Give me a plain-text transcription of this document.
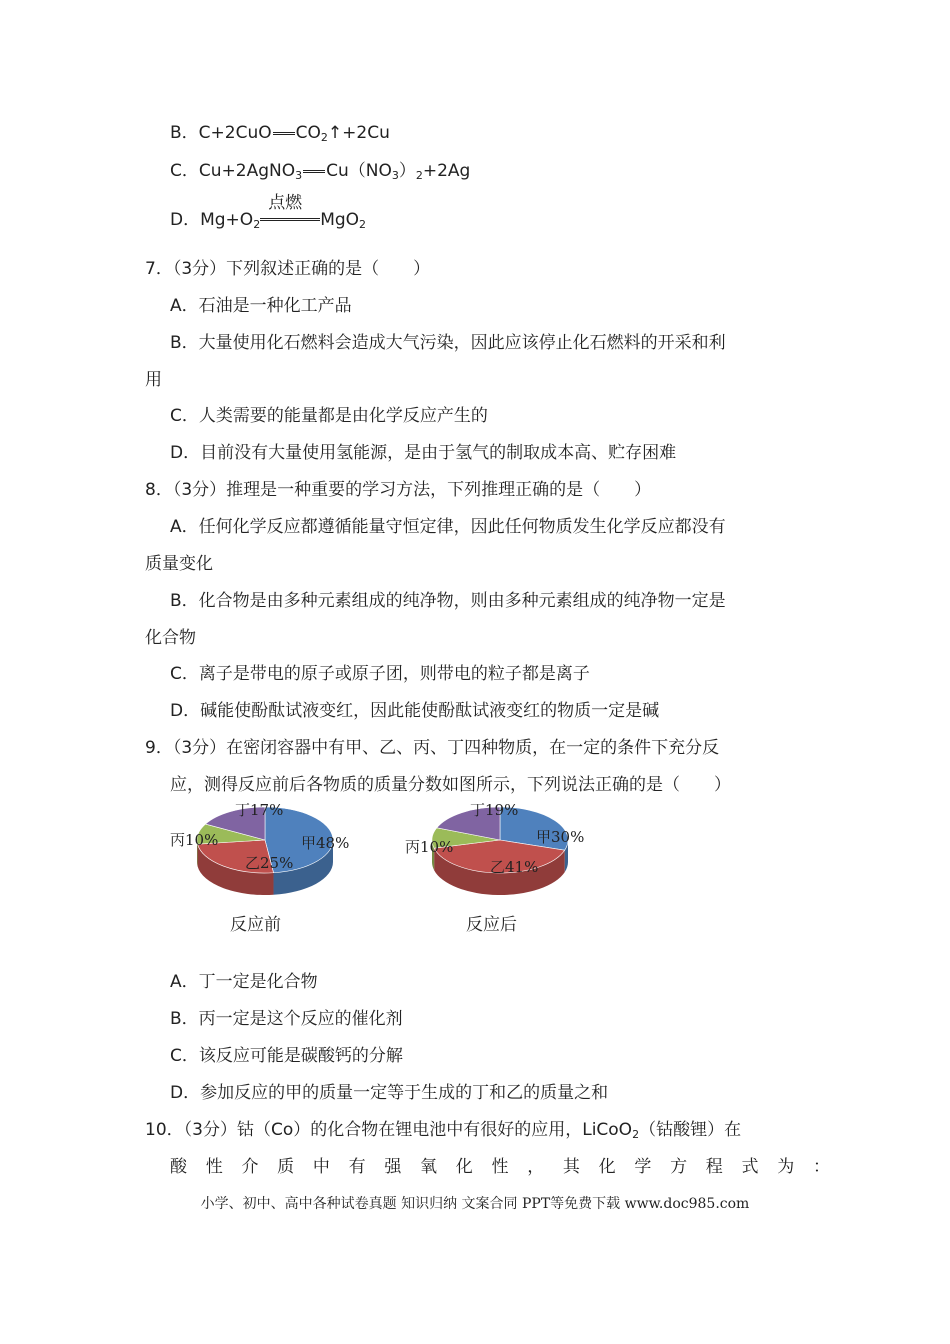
B．C+2CuO $CO_2↑+2Cu$
C．Cu+2AgNO$_3$ $Cu(NO_3)_2+2Ag$
D．$Mg+O_2$
点燃
MgO$_2$
7．（3分）下列叙述正确的是（　　）
A．石油是一种化工产品
B．大量使用化石燃料会造成大气污染，因此应该停止化石燃料的开采和利
用
C．人类需要的能量都是由化学反应产生的
D．目前没有大量使用氢能源，是由于氢气的制取成本高、贮存困难
8．（3分）推理是一种重要的学习方法，下列推理正确的是（　　）
A．任何化学反应都遵循能量守恒定律，因此任何物质发生化学反应都没有
质量变化
B．化合物是由多种元素组成的纯净物，则由多种元素组成的纯净物一定是
化合物
C．离子是带电的原子或原子团，则带电的粒子都是离子
D．碱能使酚酞试液变红，因此能使酚酞试液变红的物质一定是碱
9．（3分）在密闭容器中有甲、乙、丙、丁四种物质，在一定的条件下充分反
应，测得反应前后各物质的质量分数如图所示，下列说法正确的是（　　）
甲48%
乙25%
丙10%
丁17%
甲30%
乙41%
丙10%
丁19%
反应前	反应后
A．丁一定是化合物
B．丙一定是这个反应的催化剂
C．该反应可能是碳酸钙的分解
D．参加反应的甲的质量一定等于生成的丁和乙的质量之和
10．（3分）钴（Co）的化合物在锂电池中有很好的应用，LiCoO$_2$（钴酸锂）在
酸 性 介 质 中 有 强 氧 化 性 ， 其 化 学 方 程 式 为 ：
小学、初中、高中各种试卷真题 知识归纳 文案合同 PPT等免费下载 www.doc985.com
